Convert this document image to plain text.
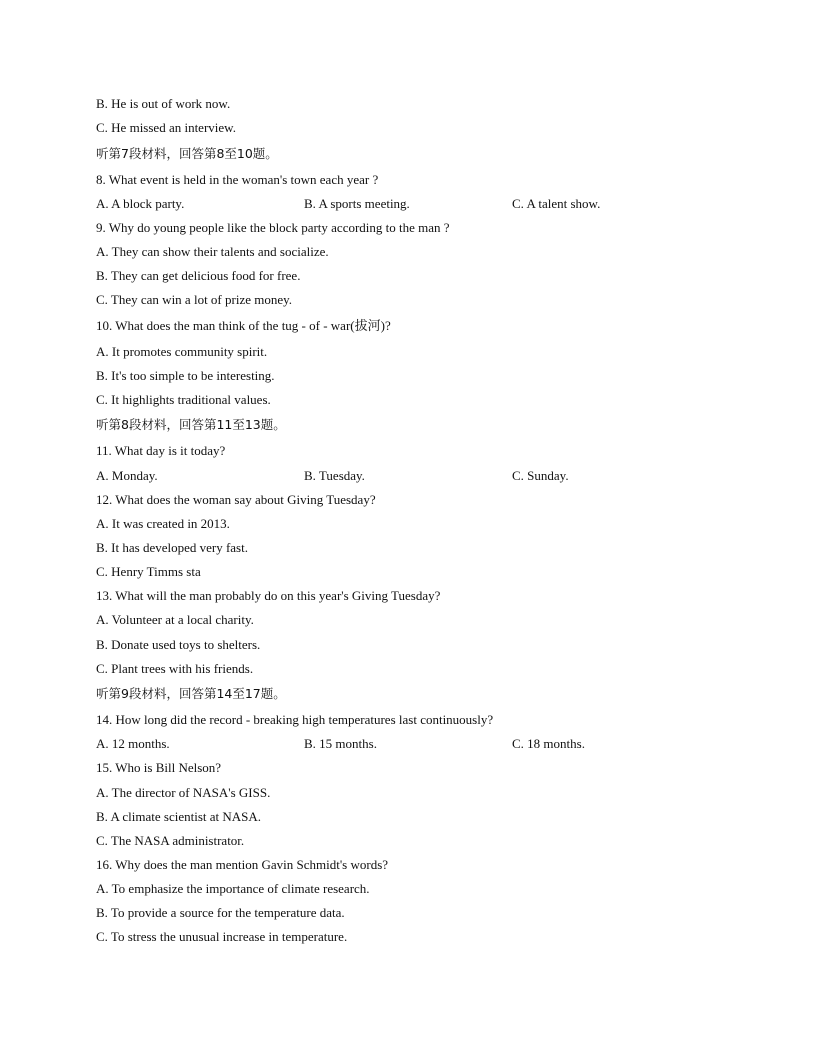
B. He is out of work now.
C. He missed an interview.
听第7段材料，回答第8至10题。
8. What event is held in the woman's town each year ?
A. A block party.	B. A sports meeting.	C. A talent show.
9. Why do young people like the block party according to the man ?
A. They can show their talents and socialize.
B. They can get delicious food for free.
C. They can win a lot of prize money.
10. What does the man think of the tug - of - war(拔河)?
A. It promotes community spirit.
B. It's too simple to be interesting.
C. It highlights traditional values.
听第8段材料，回答第11至13题。
11. What day is it today?
A. Monday.	B. Tuesday.	C. Sunday.
12. What does the woman say about Giving Tuesday?
A. It was created in 2013.
B. It has developed very fast.
C. Henry Timms sta
13. What will the man probably do on this year's Giving Tuesday?
A. Volunteer at a local charity.
B. Donate used toys to shelters.
C. Plant trees with his friends.
听第9段材料，回答第14至17题。
14. How long did the record - breaking high temperatures last continuously?
A. 12 months.	B. 15 months.	C. 18 months.
15. Who is Bill Nelson?
A. The director of NASA's GISS.
B. A climate scientist at NASA.
C. The NASA administrator.
16. Why does the man mention Gavin Schmidt's words?
A. To emphasize the importance of climate research.
B. To provide a source for the temperature data.
C. To stress the unusual increase in temperature.
